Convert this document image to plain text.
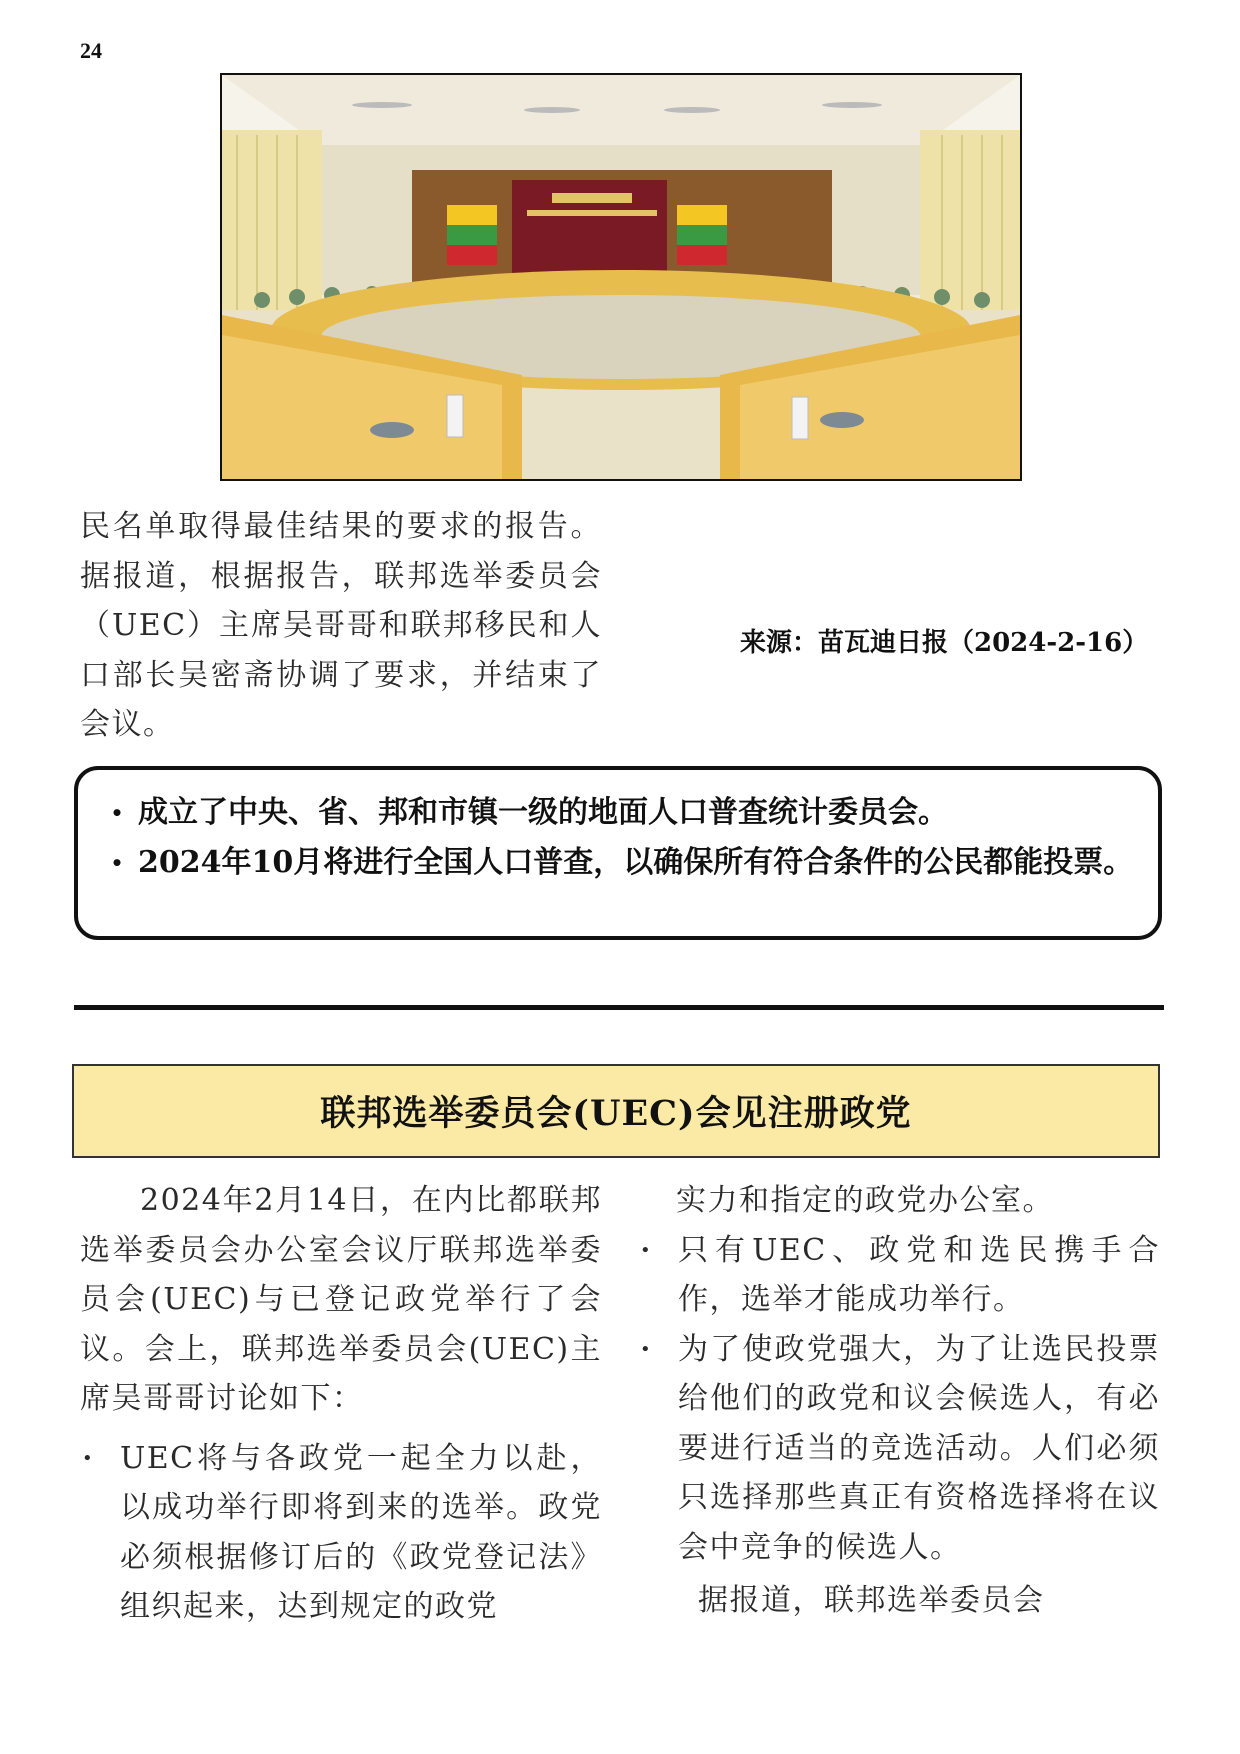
24
民名单取得最佳结果的要求的报告。据报道，根据报告，联邦选举委员会（UEC）主席吴哥哥和联邦移民和人口部长吴密斋协调了要求，并结束了会议。
来源：苗瓦迪日报（2024-2-16）
• 成立了中央、省、邦和市镇一级的地面人口普查统计委员会。
• 2024年10月将进行全国人口普查，以确保所有符合条件的公民都能投票。
联邦选举委员会(UEC)会见注册政党
2024年2月14日，在内比都联邦选举委员会办公室会议厅联邦选举委员会(UEC)与已登记政党举行了会议。会上，联邦选举委员会(UEC)主席吴哥哥讨论如下：
• UEC将与各政党一起全力以赴，以成功举行即将到来的选举。政党必须根据修订后的《政党登记法》组织起来，达到规定的政党
实力和指定的政党办公室。
• 只有UEC、政党和选民携手合作，选举才能成功举行。
• 为了使政党强大，为了让选民投票给他们的政党和议会候选人，有必要进行适当的竞选活动。人们必须只选择那些真正有资格选择将在议会中竞争的候选人。
据报道，联邦选举委员会
